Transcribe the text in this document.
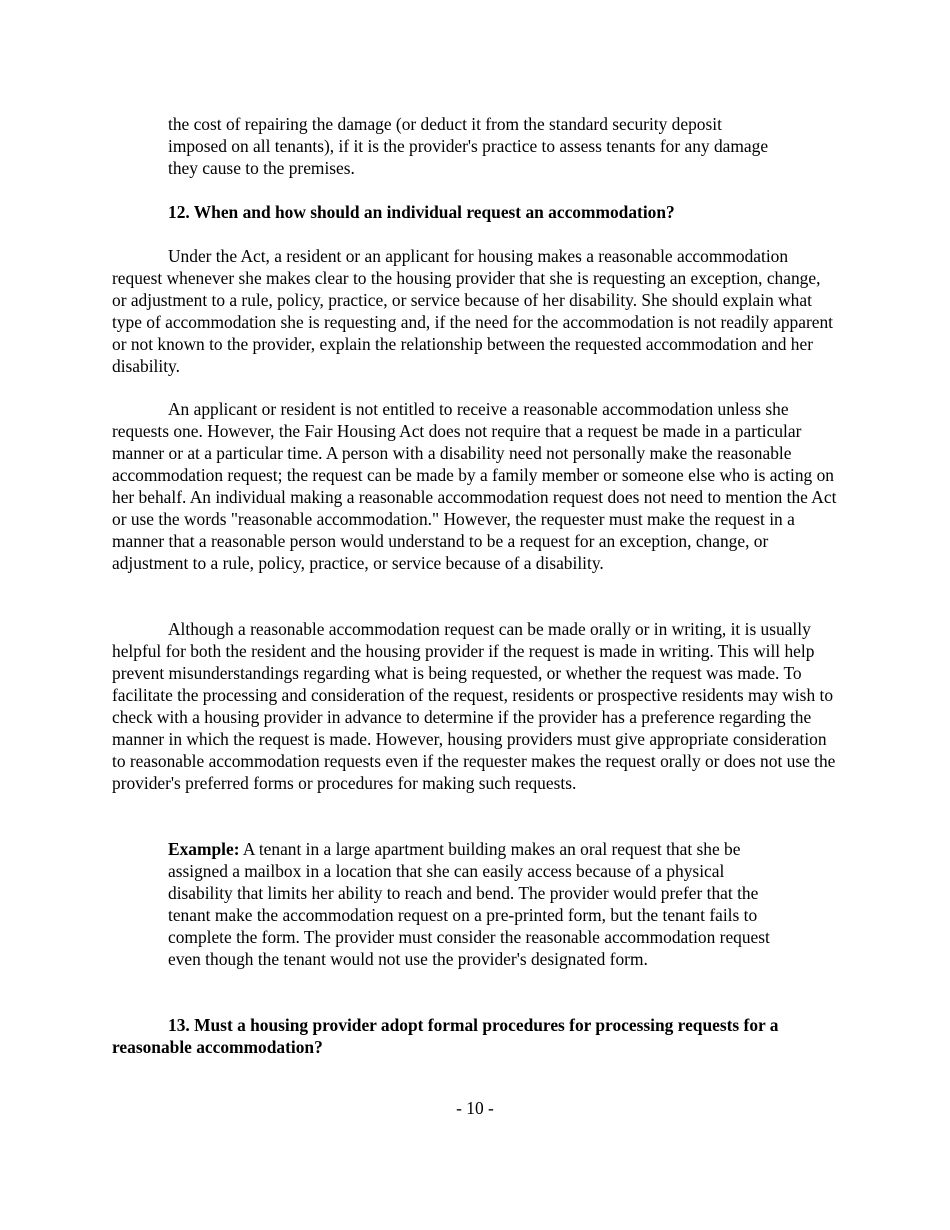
the cost of repairing the damage (or deduct it from the standard security deposit imposed on all tenants), if it is the provider's practice to assess tenants for any damage they cause to the premises.

12. When and how should an individual request an accommodation?

Under the Act, a resident or an applicant for housing makes a reasonable accommodation request whenever she makes clear to the housing provider that she is requesting an exception, change, or adjustment to a rule, policy, practice, or service because of her disability. She should explain what type of accommodation she is requesting and, if the need for the accommodation is not readily apparent or not known to the provider, explain the relationship between the requested accommodation and her disability.

An applicant or resident is not entitled to receive a reasonable accommodation unless she requests one. However, the Fair Housing Act does not require that a request be made in a particular manner or at a particular time. A person with a disability need not personally make the reasonable accommodation request; the request can be made by a family member or someone else who is acting on her behalf. An individual making a reasonable accommodation request does not need to mention the Act or use the words "reasonable accommodation." However, the requester must make the request in a manner that a reasonable person would understand to be a request for an exception, change, or adjustment to a rule, policy, practice, or service because of a disability.

Although a reasonable accommodation request can be made orally or in writing, it is usually helpful for both the resident and the housing provider if the request is made in writing. This will help prevent misunderstandings regarding what is being requested, or whether the request was made. To facilitate the processing and consideration of the request, residents or prospective residents may wish to check with a housing provider in advance to determine if the provider has a preference regarding the manner in which the request is made. However, housing providers must give appropriate consideration to reasonable accommodation requests even if the requester makes the request orally or does not use the provider's preferred forms or procedures for making such requests.

Example: A tenant in a large apartment building makes an oral request that she be assigned a mailbox in a location that she can easily access because of a physical disability that limits her ability to reach and bend. The provider would prefer that the tenant make the accommodation request on a pre-printed form, but the tenant fails to complete the form. The provider must consider the reasonable accommodation request even though the tenant would not use the provider's designated form.

13. Must a housing provider adopt formal procedures for processing requests for a reasonable accommodation?

- 10 -
